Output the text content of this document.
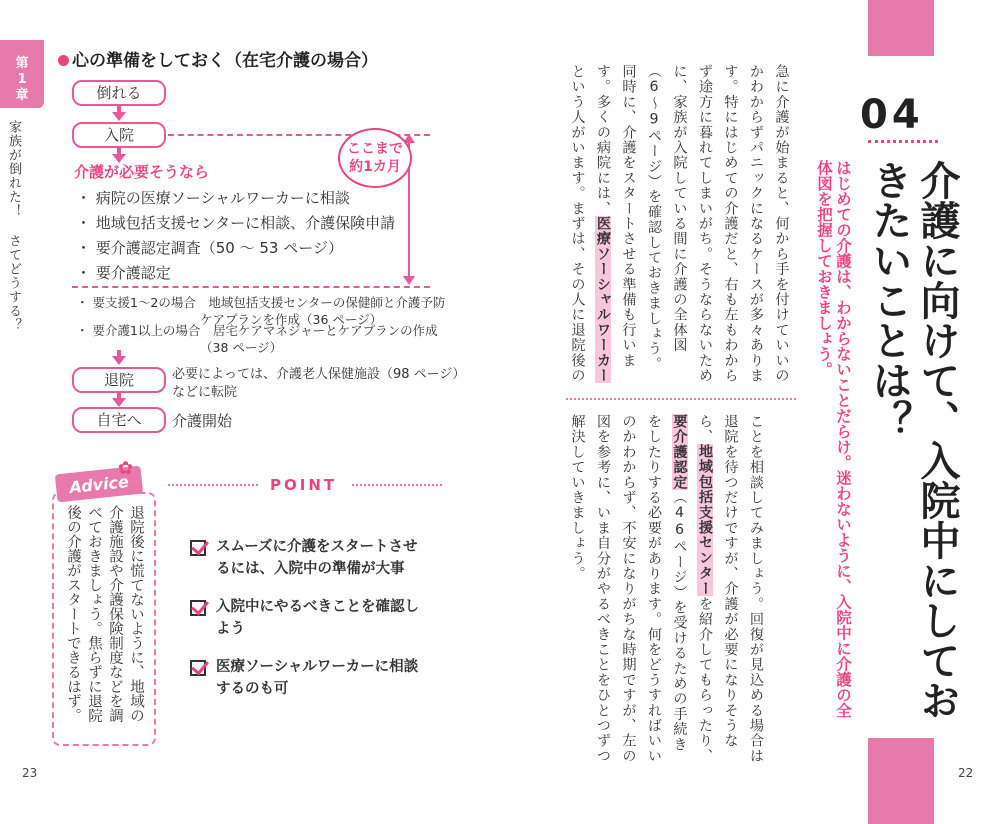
第
1
章
家族が倒れた！ さてどうする？
心の準備をしておく（在宅介護の場合）
倒れる
入院
ここまで
約1カ月
介護が必要そうなら
・ 病院の医療ソーシャルワーカーに相談
・ 地域包括支援センターに相談、介護保険申請
・ 要介護認定調査（50 ～ 53 ページ）
・ 要介護認定
・ 要支援1～2の場合　地域包括支援センターの保健師と介護予防
ケアプランを作成（36 ページ）
・ 要介護1以上の場合　居宅ケアマネジャーとケアプランの作成
（38 ページ）
退院	必要によっては、介護老人保健施設（98 ページ）
などに転院
自宅へ	介護開始
Advice
✿
退院後に慌てないように、地域の介護施設や介護保険制度などを調べておきましょう。焦らずに退院後の介護がスタートできるはず。
POINT
スムーズに介護をスタートさせ
るには、入院中の準備が大事
入院中にやるべきことを確認し
よう
医療ソーシャルワーカーに相談
するのも可
23
04
介護に向けて、入院中にしておきたいことは？
はじめての介護は、わからないことだらけ。迷わないように、入院中に介護の全体図を把握しておきましょう。
急に介護が始まると、何から手を付けていいのかわからずパニックになるケースが多々あります。特にはじめての介護だと、右も左もわからず途方に暮れてしまいがち。そうならないために、家族が入院している間に介護の全体図（6～9ページ）を確認しておきましょう。同時に、介護をスタートさせる準備も行います。多くの病院には、医療ソーシャルワーカーという人がいます。まずは、その人に退院後の
ことを相談してみましょう。回復が見込める場合は退院を待つだけですが、介護が必要になりそうなら、地域包括支援センターを紹介してもらったり、要介護認定（46ページ）を受けるための手続きをしたりする必要があります。何をどうすればいいのかわからず、不安になりがちな時期ですが、左の図を参考に、いま自分がやるべきことをひとつずつ解決していきましょう。
22
